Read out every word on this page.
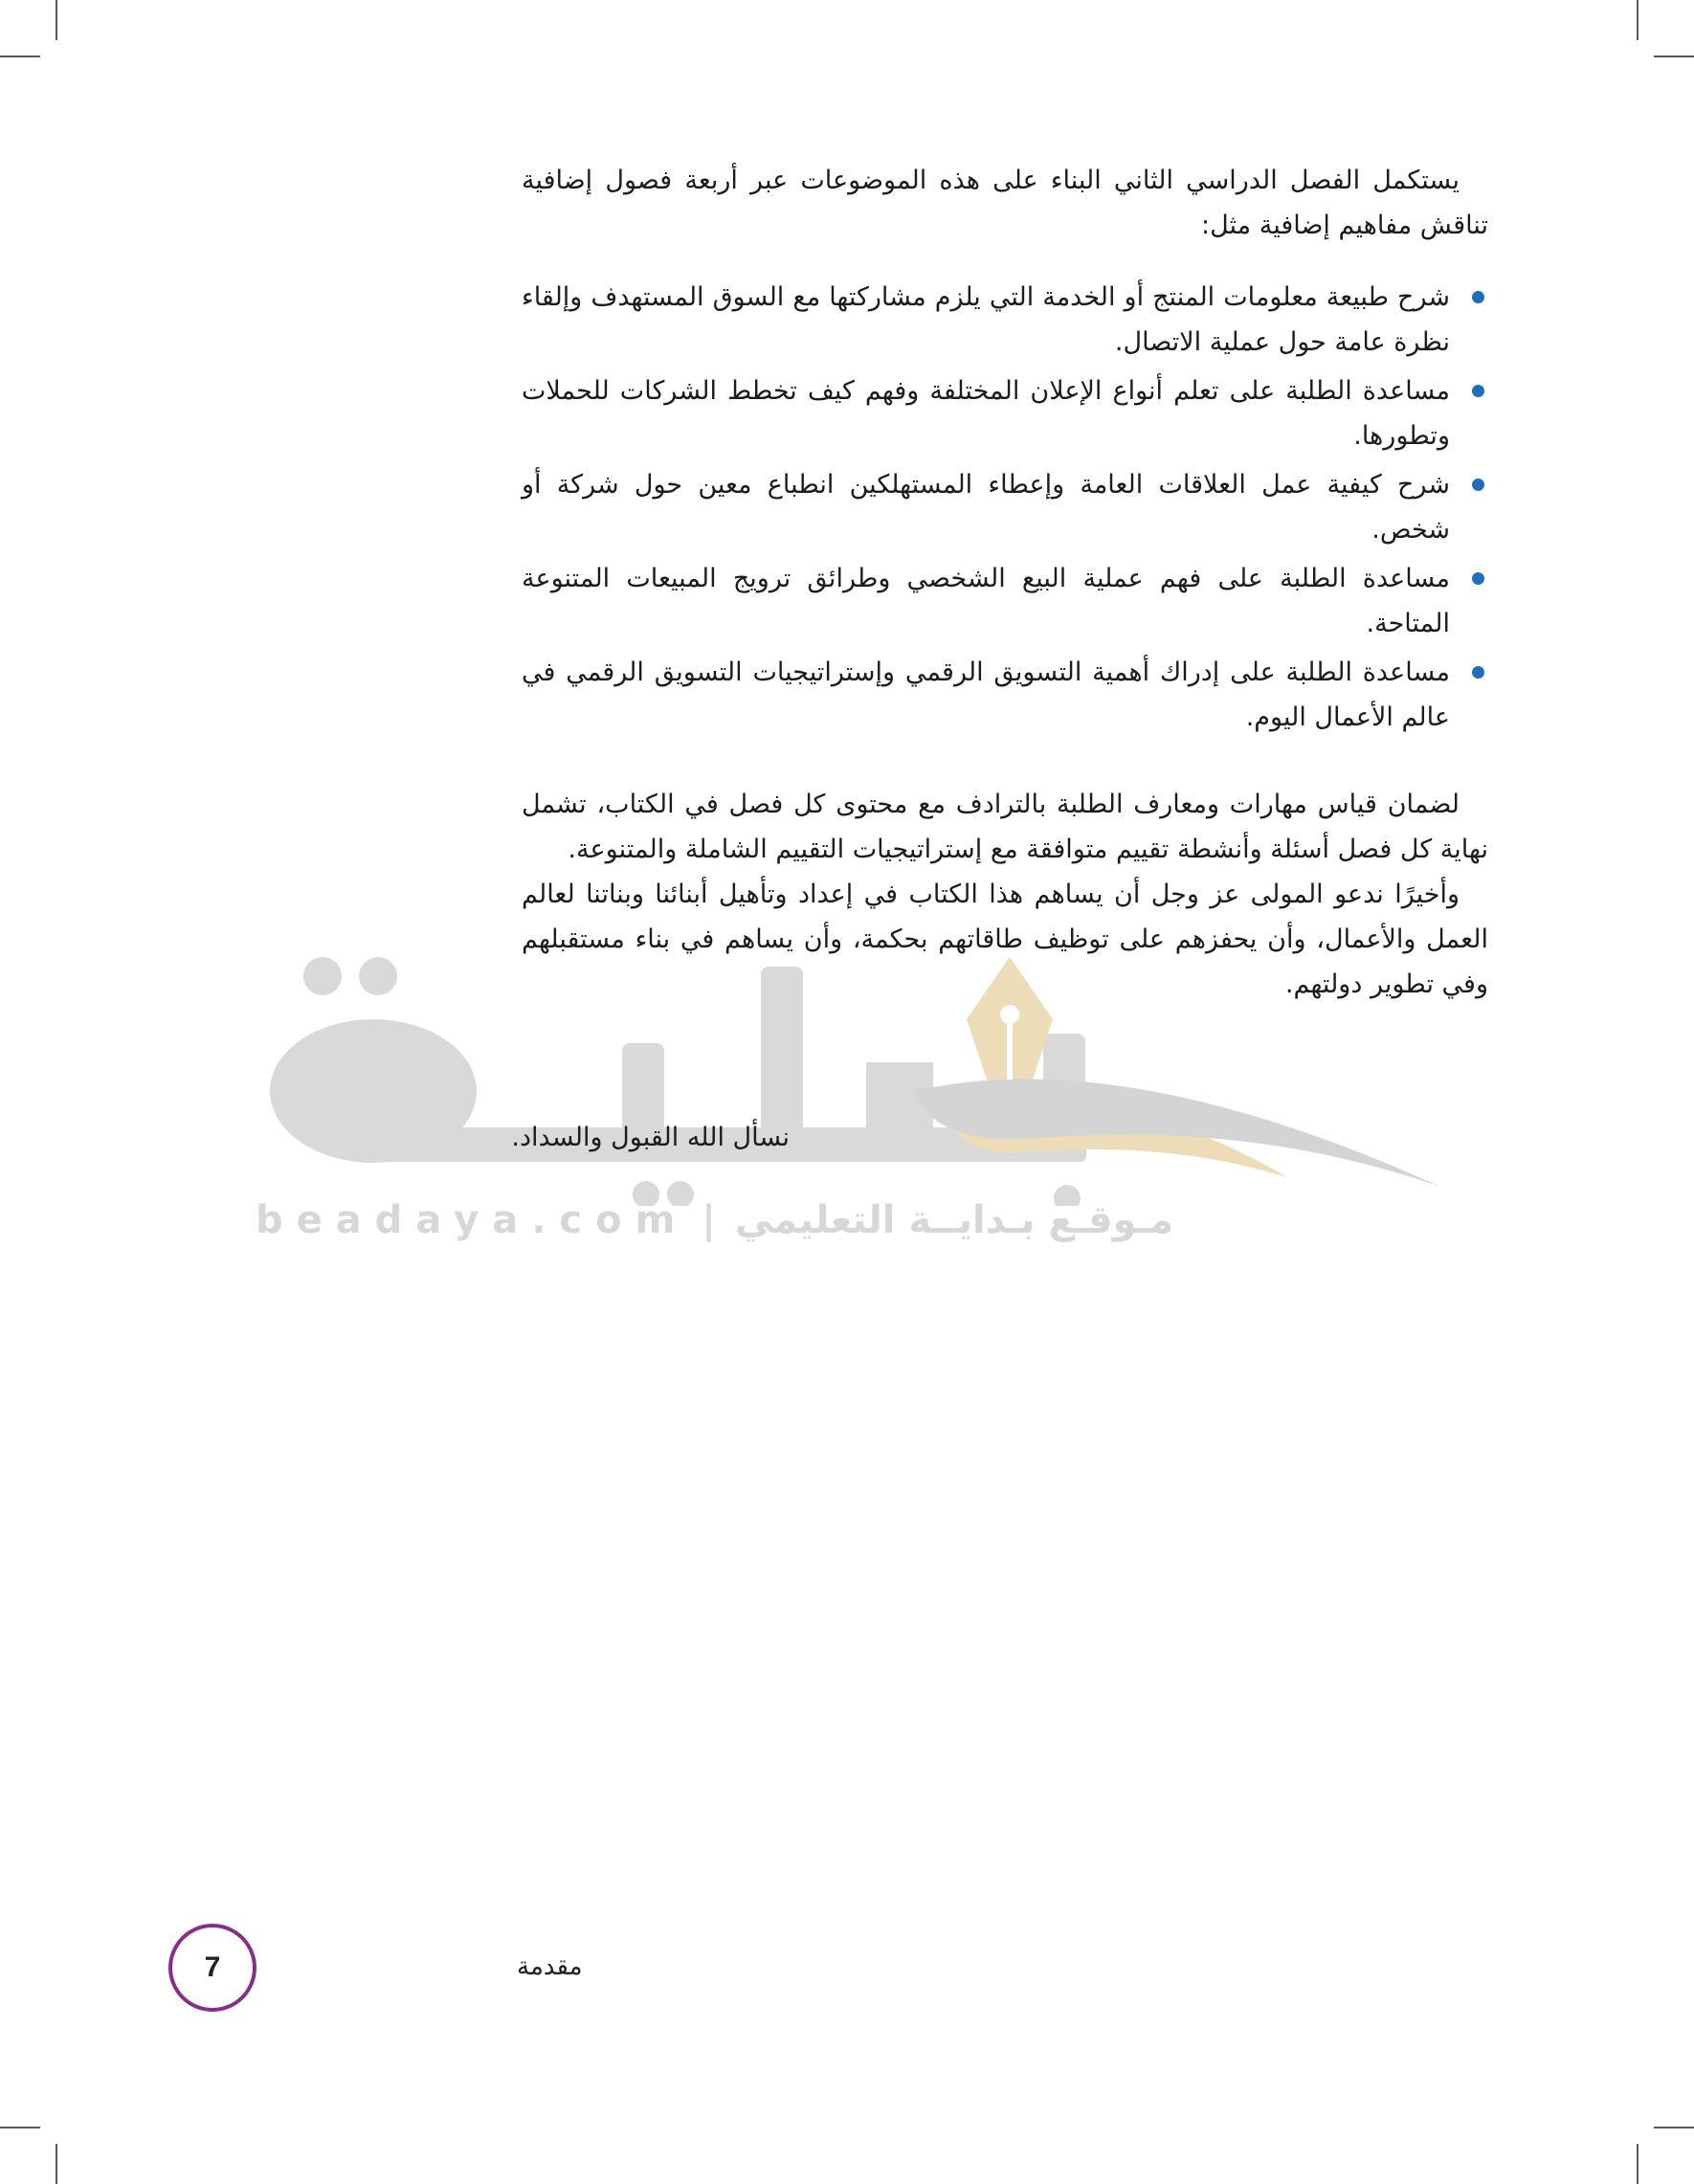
beadaya.com | مـوقـع بـدايــة التعليمي

يستكمل الفصل الدراسي الثاني البناء على هذه الموضوعات عبر أربعة فصول إضافية تناقش مفاهيم إضافية مثل:

شرح طبيعة معلومات المنتج أو الخدمة التي يلزم مشاركتها مع السوق المستهدف وإلقاء نظرة عامة حول عملية الاتصال.
مساعدة الطلبة على تعلم أنواع الإعلان المختلفة وفهم كيف تخطط الشركات للحملات وتطورها.
شرح كيفية عمل العلاقات العامة وإعطاء المستهلكين انطباع معين حول شركة أو شخص.
مساعدة الطلبة على فهم عملية البيع الشخصي وطرائق ترويج المبيعات المتنوعة المتاحة.
مساعدة الطلبة على إدراك أهمية التسويق الرقمي وإستراتيجيات التسويق الرقمي في عالم الأعمال اليوم.

لضمان قياس مهارات ومعارف الطلبة بالترادف مع محتوى كل فصل في الكتاب، تشمل نهاية كل فصل أسئلة وأنشطة تقييم متوافقة مع إستراتيجيات التقييم الشاملة والمتنوعة.

وأخيرًا ندعو المولى عز وجل أن يساهم هذا الكتاب في إعداد وتأهيل أبنائنا وبناتنا لعالم العمل والأعمال، وأن يحفزهم على توظيف طاقاتهم بحكمة، وأن يساهم في بناء مستقبلهم وفي تطوير دولتهم.

نسأل الله القبول والسداد.
7	مقدمة
